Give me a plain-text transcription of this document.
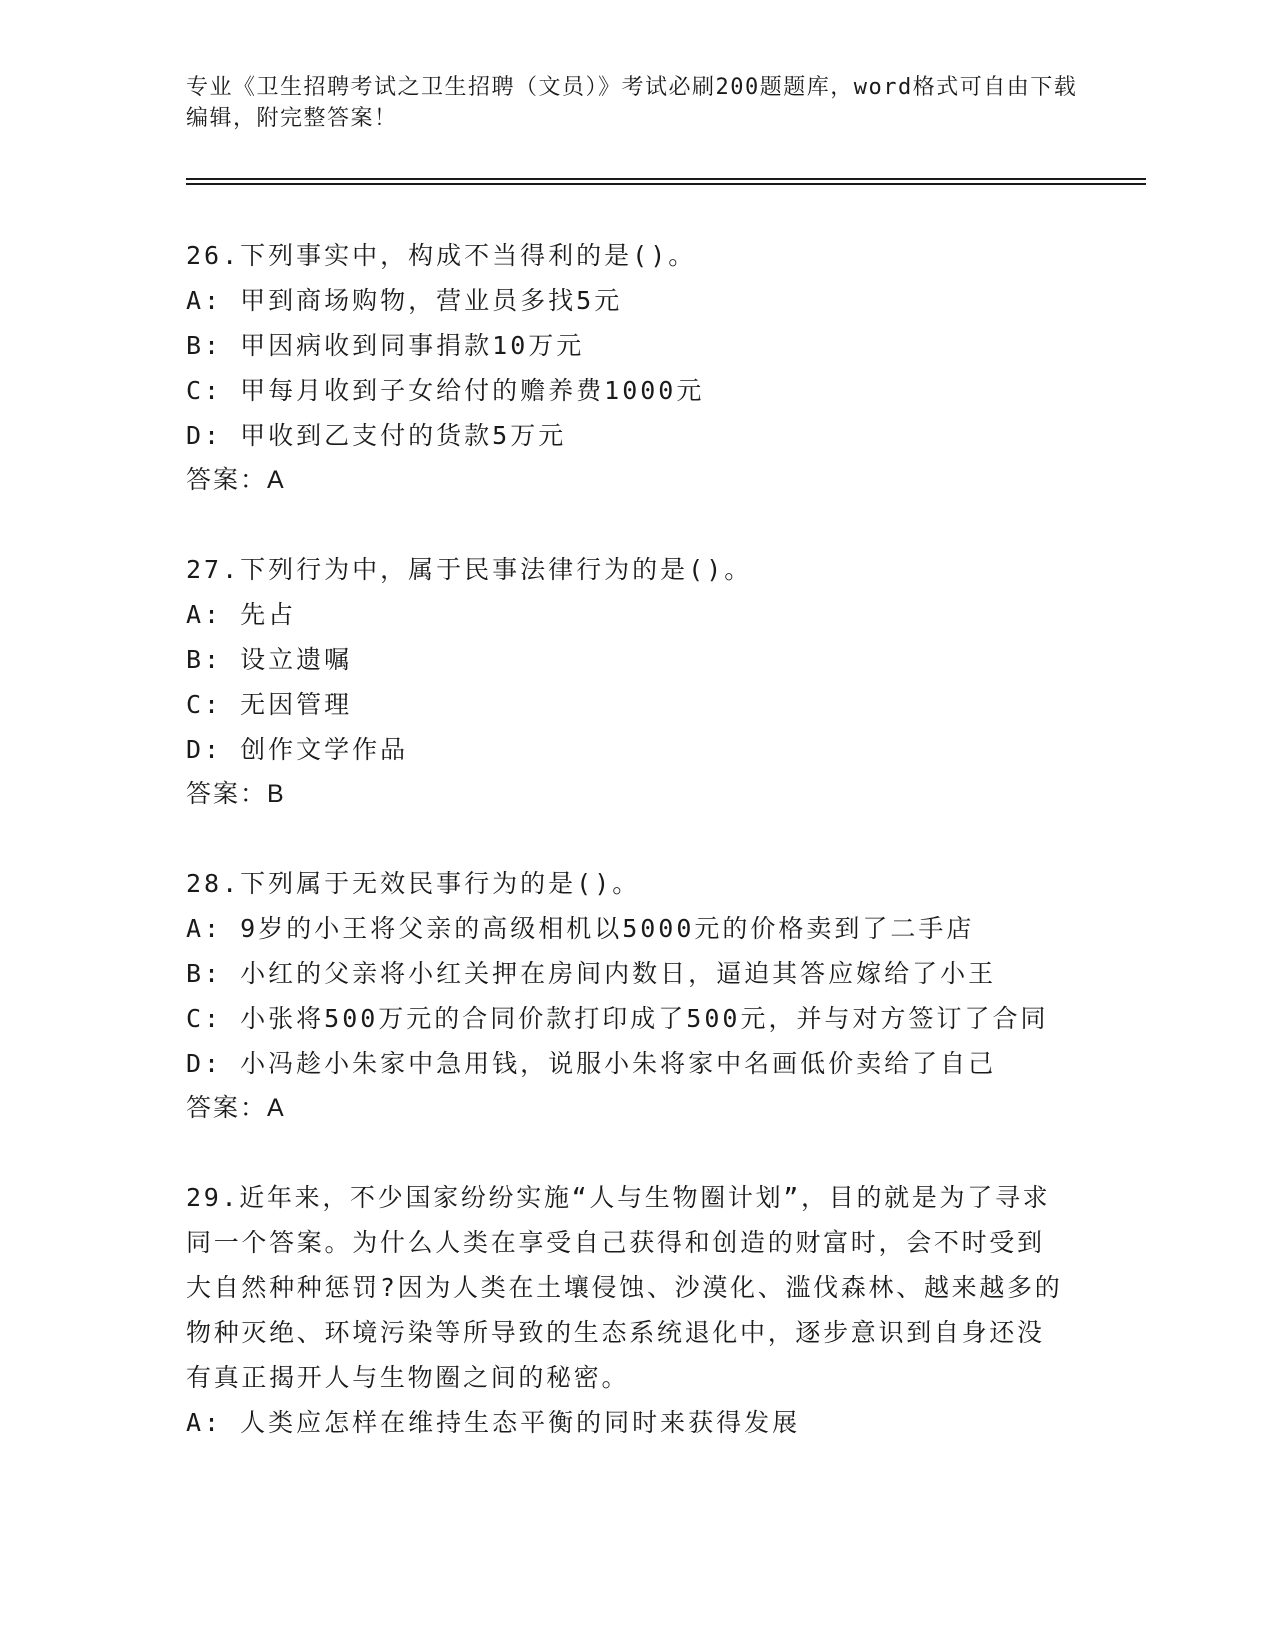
专业《卫生招聘考试之卫生招聘（文员）》考试必刷200题题库，word格式可自由下载编辑，附完整答案！
26.下列事实中，构成不当得利的是()。
A: 甲到商场购物，营业员多找5元
B: 甲因病收到同事捐款10万元
C: 甲每月收到子女给付的赡养费1000元
D: 甲收到乙支付的货款5万元
答案：A
27.下列行为中，属于民事法律行为的是()。
A: 先占
B: 设立遗嘱
C: 无因管理
D: 创作文学作品
答案：B
28.下列属于无效民事行为的是()。
A: 9岁的小王将父亲的高级相机以5000元的价格卖到了二手店
B: 小红的父亲将小红关押在房间内数日，逼迫其答应嫁给了小王
C: 小张将500万元的合同价款打印成了500元，并与对方签订了合同
D: 小冯趁小朱家中急用钱，说服小朱将家中名画低价卖给了自己
答案：A
29.近年来，不少国家纷纷实施“人与生物圈计划”，目的就是为了寻求同一个答案。为什么人类在享受自己获得和创造的财富时，会不时受到大自然种种惩罚?因为人类在土壤侵蚀、沙漠化、滥伐森林、越来越多的物种灭绝、环境污染等所导致的生态系统退化中，逐步意识到自身还没有真正揭开人与生物圈之间的秘密。
A: 人类应怎样在维持生态平衡的同时来获得发展
